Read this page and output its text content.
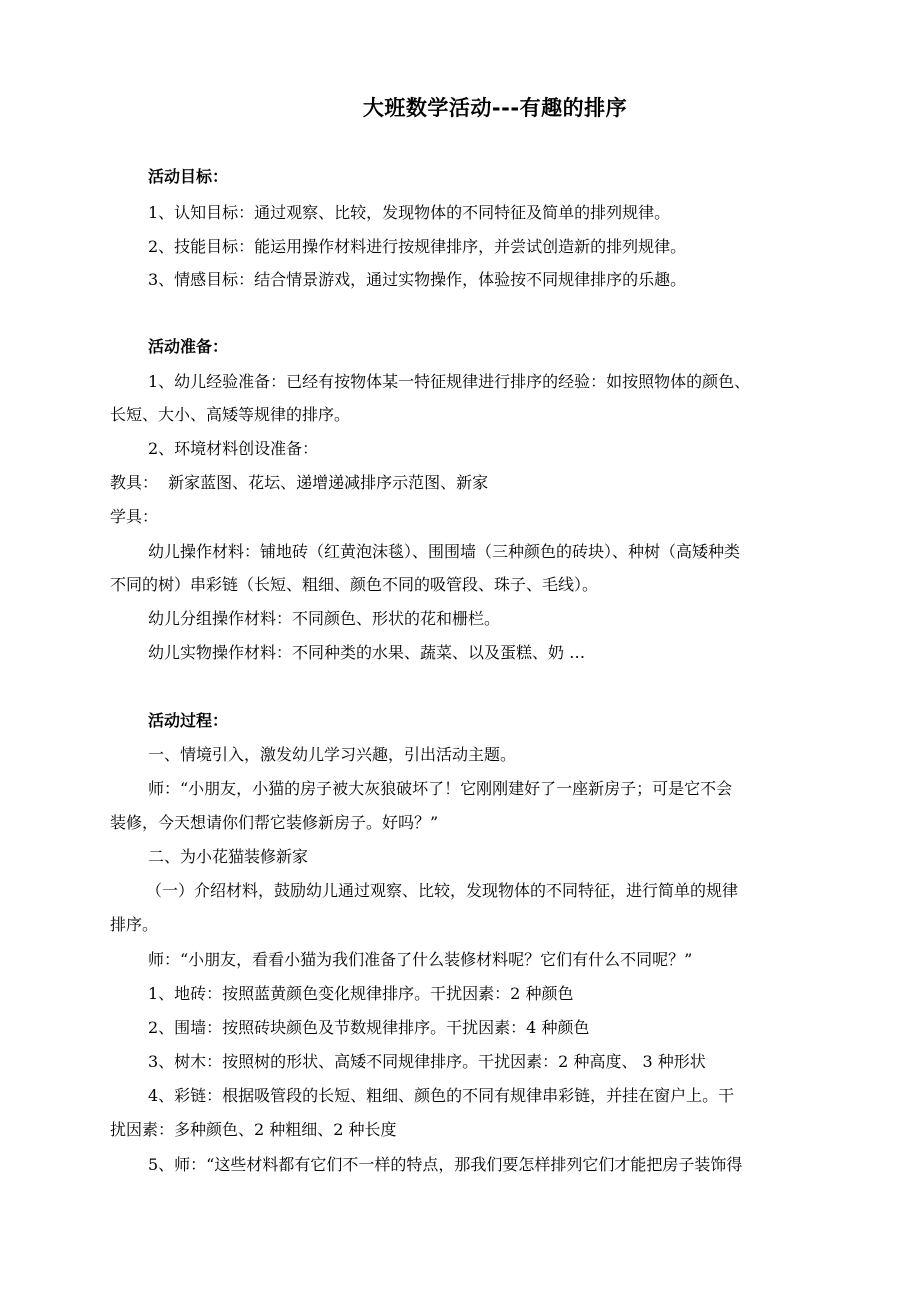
大班数学活动---有趣的排序
活动目标：
1、认知目标：通过观察、比较，发现物体的不同特征及简单的排列规律。
2、技能目标：能运用操作材料进行按规律排序，并尝试创造新的排列规律。
3、情感目标：结合情景游戏，通过实物操作，体验按不同规律排序的乐趣。
活动准备：
1、幼儿经验准备：已经有按物体某一特征规律进行排序的经验：如按照物体的颜色、
长短、大小、高矮等规律的排序。
2、环境材料创设准备：
教具：  新家蓝图、花坛、递增递减排序示范图、新家
学具：
幼儿操作材料：铺地砖（红黄泡沫毯）、围围墙（三种颜色的砖块）、种树（高矮种类
不同的树）串彩链（长短、粗细、颜色不同的吸管段、珠子、毛线）。
幼儿分组操作材料：不同颜色、形状的花和栅栏。
幼儿实物操作材料：不同种类的水果、蔬菜、以及蛋糕、奶 …
活动过程：
一、情境引入，激发幼儿学习兴趣，引出活动主题。
师：“小朋友，小猫的房子被大灰狼破坏了！它刚刚建好了一座新房子；可是它不会
装修，今天想请你们帮它装修新房子。好吗？”
二、为小花猫装修新家
（一）介绍材料，鼓励幼儿通过观察、比较，发现物体的不同特征，进行简单的规律
排序。
师：“小朋友，看看小猫为我们准备了什么装修材料呢？它们有什么不同呢？”
1、地砖：按照蓝黄颜色变化规律排序。干扰因素：2 种颜色
2、围墙：按照砖块颜色及节数规律排序。干扰因素：4 种颜色
3、树木：按照树的形状、高矮不同规律排序。干扰因素：2 种高度、 3 种形状
4、彩链：根据吸管段的长短、粗细、颜色的不同有规律串彩链，并挂在窗户上。干
扰因素：多种颜色、2 种粗细、2 种长度
5、师：“这些材料都有它们不一样的特点，那我们要怎样排列它们才能把房子装饰得
